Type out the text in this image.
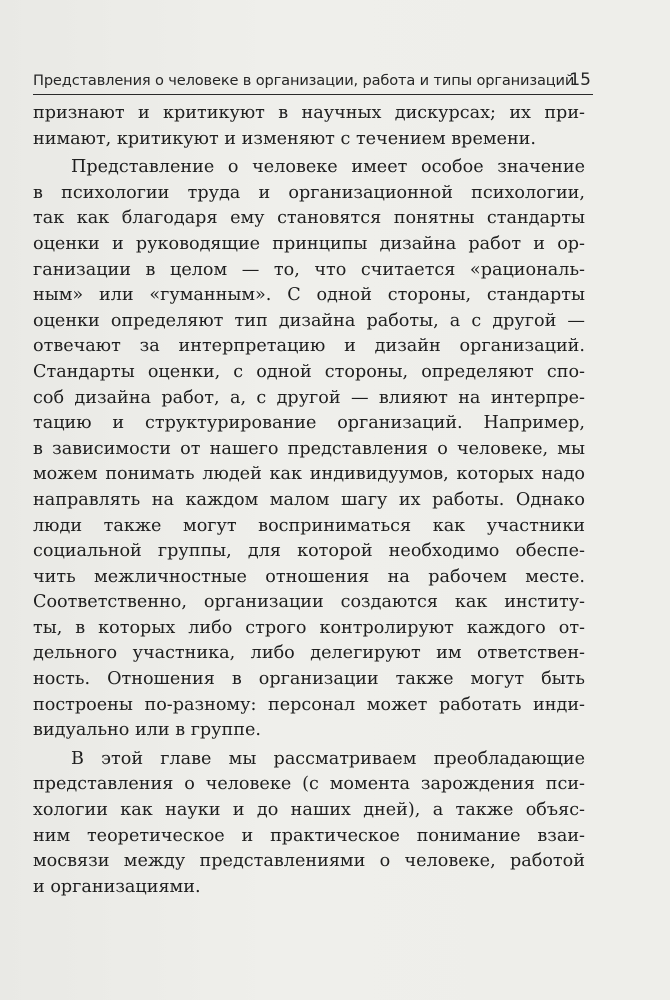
Представления о человеке в организации, работа и типы организаций
15
признают и критикуют в научных дискурсах; их при-
нимают, критикуют и изменяют с течением времени.
Представление о человеке имеет особое значение
в психологии труда и организационной психологии,
так как благодаря ему становятся понятны стандарты
оценки и руководящие принципы дизайна работ и ор-
ганизации в целом — то, что считается «рациональ-
ным» или «гуманным». С одной стороны, стандарты
оценки определяют тип дизайна работы, а с другой —
отвечают за интерпретацию и дизайн организаций.
Стандарты оценки, с одной стороны, определяют спо-
соб дизайна работ, а, с другой — влияют на интерпре-
тацию и структурирование организаций. Например,
в зависимости от нашего представления о человеке, мы
можем понимать людей как индивидуумов, которых надо
направлять на каждом малом шагу их работы. Однако
люди также могут восприниматься как участники
социальной группы, для которой необходимо обеспе-
чить межличностные отношения на рабочем месте.
Соответственно, организации создаются как институ-
ты, в которых либо строго контролируют каждого от-
дельного участника, либо делегируют им ответствен-
ность. Отношения в организации также могут быть
построены по-разному: персонал может работать инди-
видуально или в группе.
В этой главе мы рассматриваем преобладающие
представления о человеке (с момента зарождения пси-
хологии как науки и до наших дней), а также объяс-
ним теоретическое и практическое понимание взаи-
мосвязи между представлениями о человеке, работой
и организациями.
